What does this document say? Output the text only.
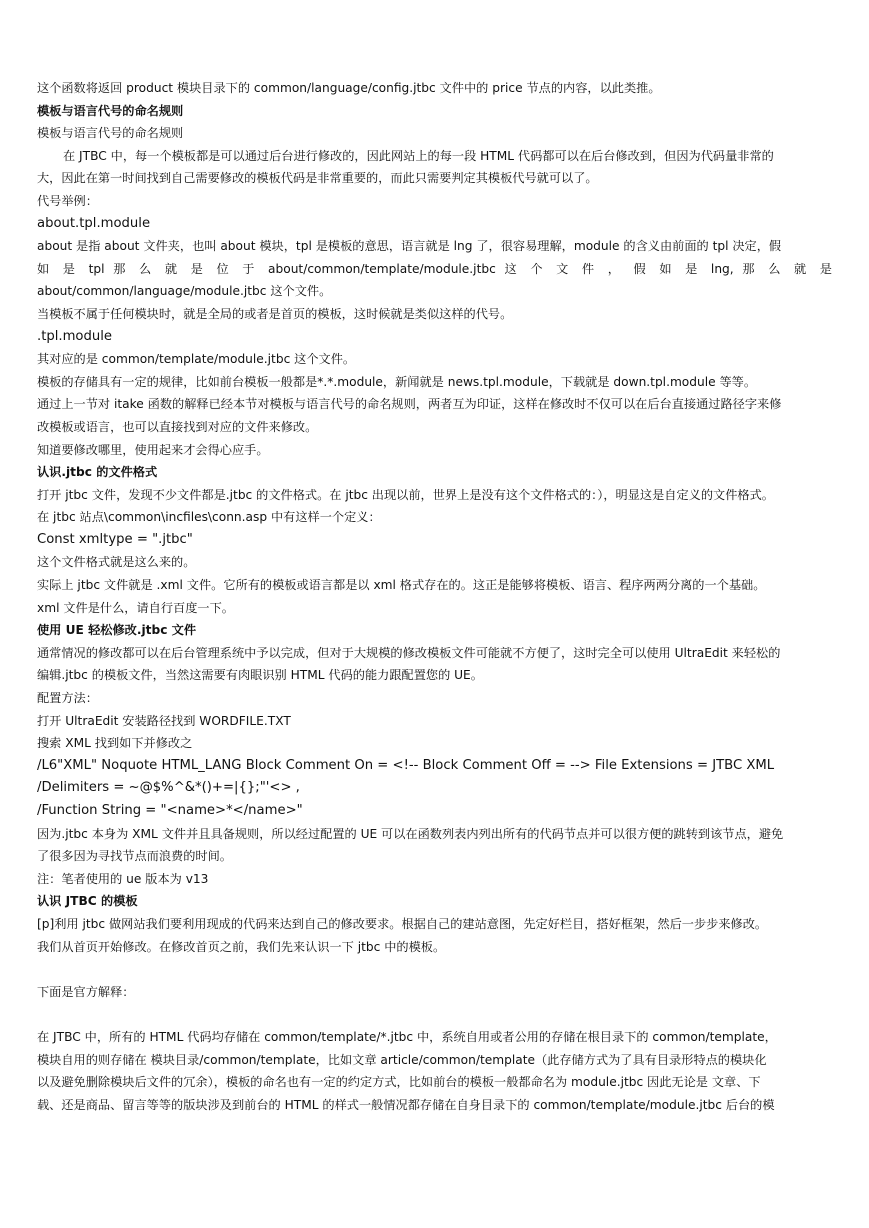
这个函数将返回 product 模块目录下的 common/language/config.jtbc 文件中的 price 节点的内容，以此类推。
模板与语言代号的命名规则
模板与语言代号的命名规则
在 JTBC 中，每一个模板都是可以通过后台进行修改的，因此网站上的每一段 HTML 代码都可以在后台修改到，但因为代码量非常的
大，因此在第一时间找到自己需要修改的模板代码是非常重要的，而此只需要判定其模板代号就可以了。
代号举例：
about.tpl.module
about 是指 about 文件夹，也叫 about 模块，tpl 是模板的意思，语言就是 lng 了，很容易理解，module 的含义由前面的 tpl 决定，假
如 是 tpl 那 么 就 是 位 于 about/common/template/module.jtbc 这 个 文 件 ， 假 如 是 lng, 那 么 就 是
about/common/language/module.jtbc 这个文件。
当模板不属于任何模块时，就是全局的或者是首页的模板，这时候就是类似这样的代号。
.tpl.module
其对应的是 common/template/module.jtbc 这个文件。
模板的存储具有一定的规律，比如前台模板一般都是*.*.module，新闻就是 news.tpl.module，下载就是 down.tpl.module 等等。
通过上一节对 itake 函数的解释已经本节对模板与语言代号的命名规则，两者互为印证，这样在修改时不仅可以在后台直接通过路径字来修
改模板或语言，也可以直接找到对应的文件来修改。
知道要修改哪里，使用起来才会得心应手。
认识.jtbc 的文件格式
打开 jtbc 文件，发现不少文件都是.jtbc 的文件格式。在 jtbc 出现以前，世界上是没有这个文件格式的：），明显这是自定义的文件格式。
在 jtbc 站点\common\incfiles\conn.asp 中有这样一个定义：
Const xmltype = ".jtbc"
这个文件格式就是这么来的。
实际上 jtbc 文件就是 .xml 文件。它所有的模板或语言都是以 xml 格式存在的。这正是能够将模板、语言、程序两两分离的一个基础。
xml 文件是什么，请自行百度一下。
使用 UE 轻松修改.jtbc 文件
通常情况的修改都可以在后台管理系统中予以完成，但对于大规模的修改模板文件可能就不方便了，这时完全可以使用 UltraEdit 来轻松的
编辑.jtbc 的模板文件，当然这需要有肉眼识别 HTML 代码的能力跟配置您的 UE。
配置方法：
打开 UltraEdit 安装路径找到 WORDFILE.TXT
搜索 XML 找到如下并修改之
/L6"XML" Noquote HTML_LANG Block Comment On = <!-- Block Comment Off = --> File Extensions = JTBC XML
/Delimiters = ~@$%^&*()+=|{};"'<> ,
/Function String = "<name>*</name>"
因为.jtbc 本身为 XML 文件并且具备规则，所以经过配置的 UE 可以在函数列表内列出所有的代码节点并可以很方便的跳转到该节点，避免
了很多因为寻找节点而浪费的时间。
注：笔者使用的 ue 版本为 v13
认识 JTBC 的模板
[p]利用 jtbc 做网站我们要利用现成的代码来达到自己的修改要求。根据自己的建站意图，先定好栏目，搭好框架，然后一步步来修改。
我们从首页开始修改。在修改首页之前，我们先来认识一下 jtbc 中的模板。
下面是官方解释：
在 JTBC 中，所有的 HTML 代码均存储在 common/template/*.jtbc 中，系统自用或者公用的存储在根目录下的 common/template，
模块自用的则存储在 模块目录/common/template，比如文章 article/common/template（此存储方式为了具有目录形特点的模块化
以及避免删除模块后文件的冗余），模板的命名也有一定的约定方式，比如前台的模板一般都命名为 module.jtbc 因此无论是 文章、下
载、还是商品、留言等等的版块涉及到前台的 HTML 的样式一般情况都存储在自身目录下的 common/template/module.jtbc 后台的模
